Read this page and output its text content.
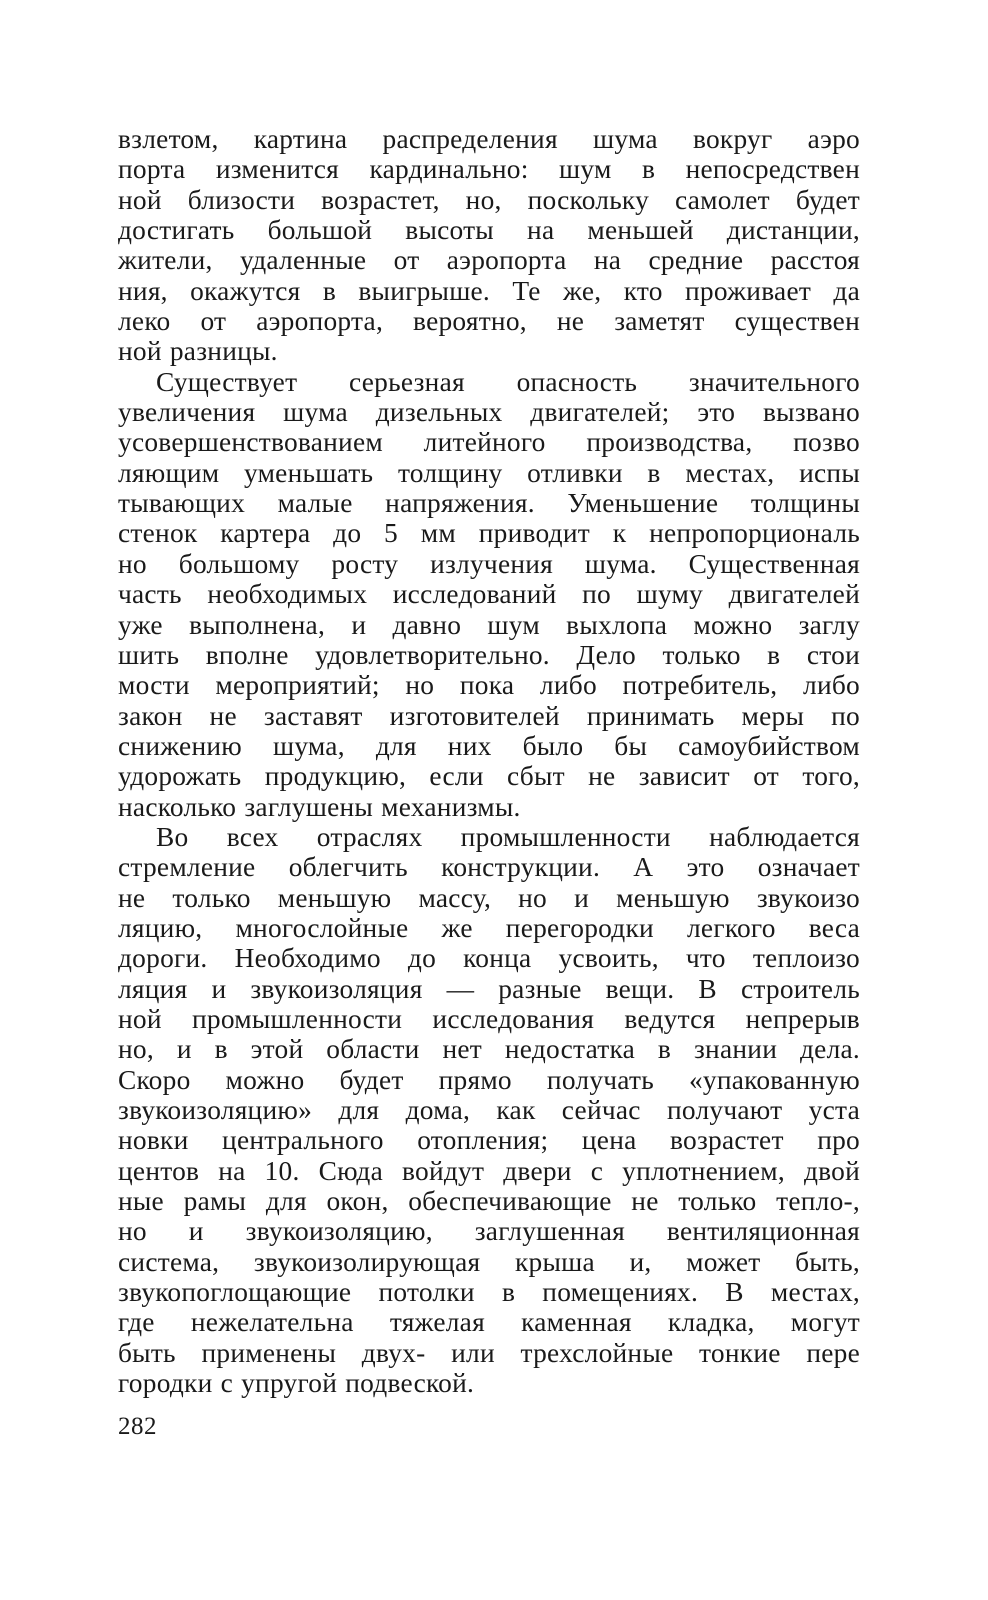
взлетом, картина распределения шума вокруг аэро
порта изменится кардинально: шум в непосредствен
ной близости возрастет, но, поскольку самолет будет
достигать большой высоты на меньшей дистанции,
жители, удаленные от аэропорта на средние расстоя
ния, окажутся в выигрыше. Те же, кто проживает да
леко от аэропорта, вероятно, не заметят существен
ной разницы.

Существует серьезная опасность значительного
увеличения шума дизельных двигателей; это вызвано
усовершенствованием литейного производства, позво
ляющим уменьшать толщину отливки в местах, испы
тывающих малые напряжения. Уменьшение толщины
стенок картера до 5 мм приводит к непропорциональ
но большому росту излучения шума. Существенная
часть необходимых исследований по шуму двигателей
уже выполнена, и давно шум выхлопа можно заглу
шить вполне удовлетворительно. Дело только в стои
мости мероприятий; но пока либо потребитель, либо
закон не заставят изготовителей принимать меры по
снижению шума, для них было бы самоубийством
удорожать продукцию, если сбыт не зависит от того,
насколько заглушены механизмы.

Во всех отраслях промышленности наблюдается
стремление облегчить конструкции. А это означает
не только меньшую массу, но и меньшую звукоизо
ляцию, многослойные же перегородки легкого веса
дороги. Необходимо до конца усвоить, что теплоизо
ляция и звукоизоляция — разные вещи. В строитель
ной промышленности исследования ведутся непрерыв
но, и в этой области нет недостатка в знании дела.
Скоро можно будет прямо получать «упакованную
звукоизоляцию» для дома, как сейчас получают уста
новки центрального отопления; цена возрастет про
центов на 10. Сюда войдут двери с уплотнением, двой
ные рамы для окон, обеспечивающие не только тепло-,
но и звукоизоляцию, заглушенная вентиляционная
система, звукоизолирующая крыша и, может быть,
звукопоглощающие потолки в помещениях. В местах,
где нежелательна тяжелая каменная кладка, могут
быть применены двух- или трехслойные тонкие пере
городки с упругой подвеской.

282
